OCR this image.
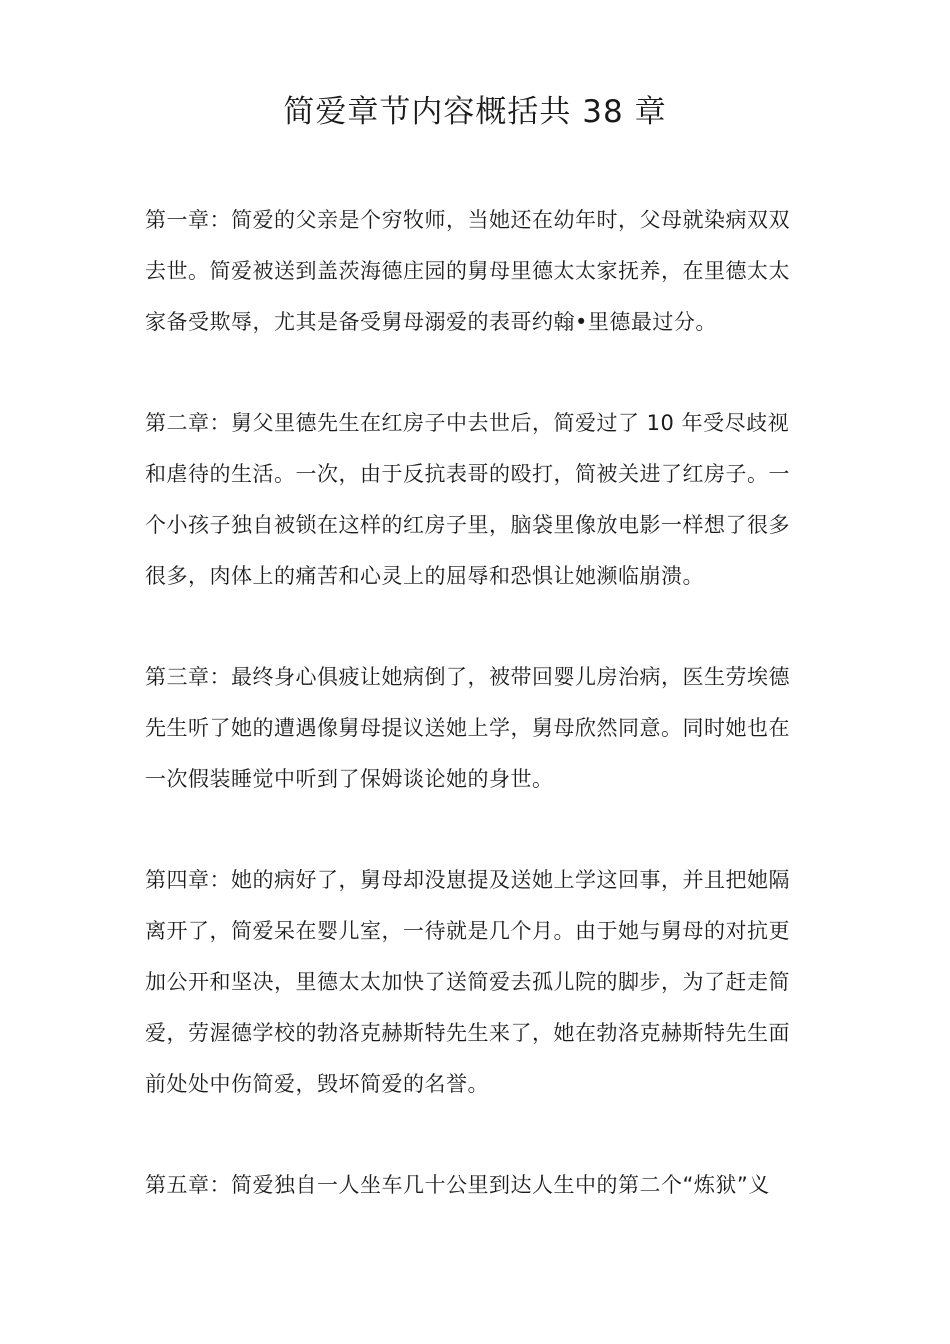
简爱章节内容概括共 38 章
第一章：简爱的父亲是个穷牧师，当她还在幼年时，父母就染病双双
去世。简爱被送到盖茨海德庄园的舅母里德太太家抚养，在里德太太
家备受欺辱，尤其是备受舅母溺爱的表哥约翰•里德最过分。
第二章：舅父里德先生在红房子中去世后，简爱过了 10 年受尽歧视
和虐待的生活。一次，由于反抗表哥的殴打，简被关进了红房子。一
个小孩子独自被锁在这样的红房子里，脑袋里像放电影一样想了很多
很多，肉体上的痛苦和心灵上的屈辱和恐惧让她濒临崩溃。
第三章：最终身心俱疲让她病倒了，被带回婴儿房治病，医生劳埃德
先生听了她的遭遇像舅母提议送她上学，舅母欣然同意。同时她也在
一次假装睡觉中听到了保姆谈论她的身世。
第四章：她的病好了，舅母却没崽提及送她上学这回事，并且把她隔
离开了，简爱呆在婴儿室，一待就是几个月。由于她与舅母的对抗更
加公开和坚决，里德太太加快了送简爱去孤儿院的脚步，为了赶走简
爱，劳渥德学校的勃洛克赫斯特先生来了，她在勃洛克赫斯特先生面
前处处中伤简爱，毁坏简爱的名誉。
第五章：简爱独自一人坐车几十公里到达人生中的第二个“炼狱”义
